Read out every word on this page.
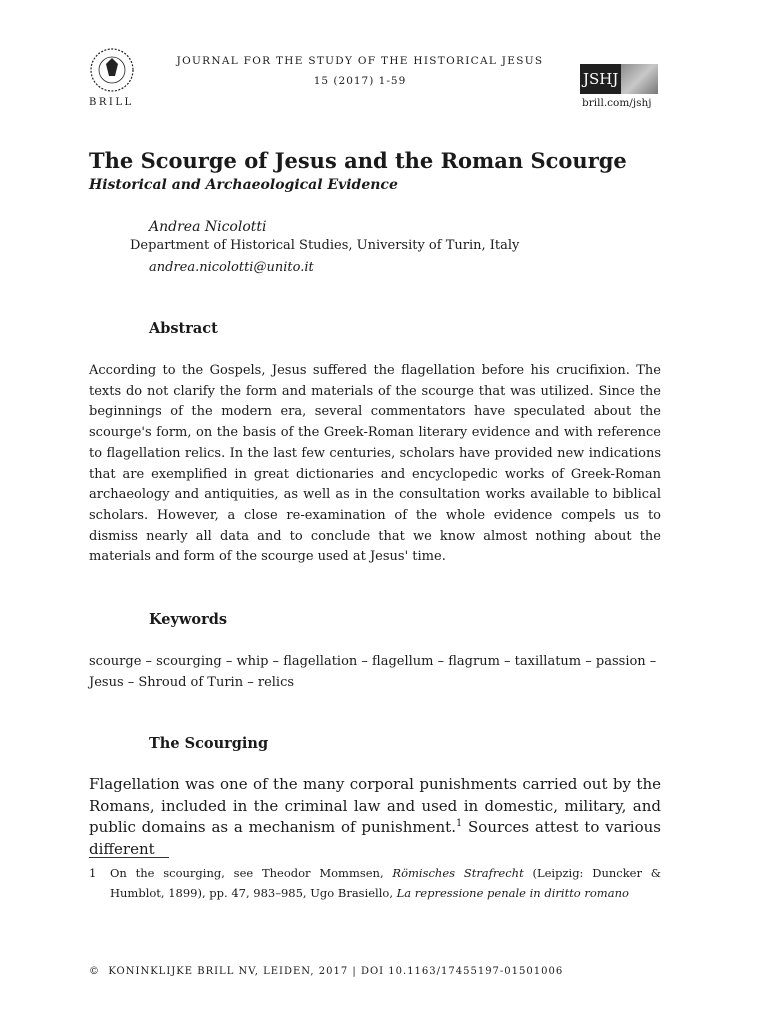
BRILL
JOURNAL FOR THE STUDY OF THE HISTORICAL JESUS
15 (2017) 1-59	JSHJ
brill.com/jshj
The Scourge of Jesus and the Roman Scourge
Historical and Archaeological Evidence
Andrea Nicolotti
Department of Historical Studies, University of Turin, Italy
andrea.nicolotti@unito.it
Abstract
According to the Gospels, Jesus suffered the flagellation before his crucifixion. The texts do not clarify the form and materials of the scourge that was utilized. Since the beginnings of the modern era, several commentators have speculated about the scourge's form, on the basis of the Greek-Roman literary evidence and with reference to flagellation relics. In the last few centuries, scholars have provided new indications that are exemplified in great dictionaries and encyclopedic works of Greek-Roman archaeology and antiquities, as well as in the consultation works available to biblical scholars. However, a close re-examination of the whole evidence compels us to dismiss nearly all data and to conclude that we know almost nothing about the materials and form of the scourge used at Jesus' time.
Keywords
scourge – scourging – whip – flagellation – flagellum – flagrum – taxillatum – passion – Jesus – Shroud of Turin – relics
The Scourging
Flagellation was one of the many corporal punishments carried out by the Romans, included in the criminal law and used in domestic, military, and public domains as a mechanism of punishment.$^1$ Sources attest to various different
1 On the scourging, see Theodor Mommsen, Römisches Strafrecht (Leipzig: Duncker & Humblot, 1899), pp. 47, 983–985, Ugo Brasiello, La repressione penale in diritto romano
© KONINKLIJKE BRILL NV, LEIDEN, 2017 | DOI 10.1163/17455197-01501006
